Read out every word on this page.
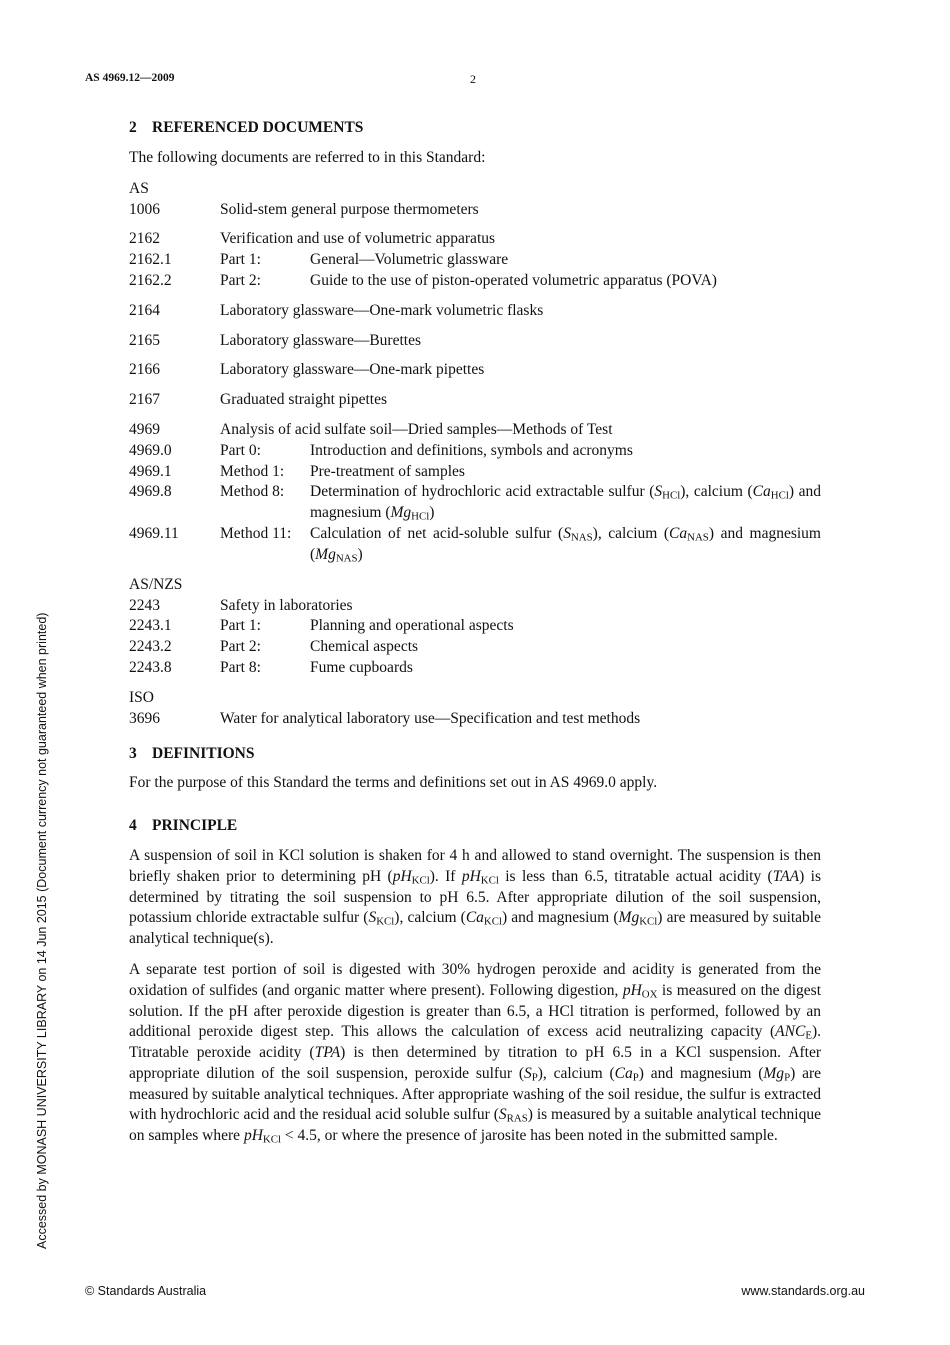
AS 4969.12—2009	2
2 REFERENCED DOCUMENTS
The following documents are referred to in this Standard:
AS
1006	Solid-stem general purpose thermometers
2162	Verification and use of volumetric apparatus
2162.1	Part 1:	General—Volumetric glassware
2162.2	Part 2:	Guide to the use of piston-operated volumetric apparatus (POVA)
2164	Laboratory glassware—One-mark volumetric flasks
2165	Laboratory glassware—Burettes
2166	Laboratory glassware—One-mark pipettes
2167	Graduated straight pipettes
4969	Analysis of acid sulfate soil—Dried samples—Methods of Test
4969.0	Part 0:	Introduction and definitions, symbols and acronyms
4969.1	Method 1:	Pre-treatment of samples
4969.8	Method 8:	Determination of hydrochloric acid extractable sulfur $(S_{HCl})$, calcium $(Ca_{HCl})$ and magnesium $(Mg_{HCl})$
4969.11	Method 11:	Calculation of net acid-soluble sulfur $(S_{NAS})$, calcium $(Ca_{NAS})$ and magnesium $(Mg_{NAS})$
AS/NZS
2243	Safety in laboratories
2243.1	Part 1:	Planning and operational aspects
2243.2	Part 2:	Chemical aspects
2243.8	Part 8:	Fume cupboards
ISO
3696	Water for analytical laboratory use—Specification and test methods
3 DEFINITIONS
For the purpose of this Standard the terms and definitions set out in AS 4969.0 apply.
4 PRINCIPLE
A suspension of soil in KCl solution is shaken for 4 h and allowed to stand overnight. The suspension is then briefly shaken prior to determining pH $(pH_{KCl})$. If $pH_{KCl}$ is less than 6.5, titratable actual acidity (TAA) is determined by titrating the soil suspension to pH 6.5. After appropriate dilution of the soil suspension, potassium chloride extractable sulfur $(S_{KCl})$, calcium $(Ca_{KCl})$ and magnesium $(Mg_{KCl})$ are measured by suitable analytical technique(s).
A separate test portion of soil is digested with 30% hydrogen peroxide and acidity is generated from the oxidation of sulfides (and organic matter where present). Following digestion, $pH_{OX}$ is measured on the digest solution. If the pH after peroxide digestion is greater than 6.5, a HCl titration is performed, followed by an additional peroxide digest step. This allows the calculation of excess acid neutralizing capacity $(ANC_E)$. Titratable peroxide acidity (TPA) is then determined by titration to pH 6.5 in a KCl suspension. After appropriate dilution of the soil suspension, peroxide sulfur $(S_P)$, calcium $(Ca_P)$ and magnesium $(Mg_P)$ are measured by suitable analytical techniques. After appropriate washing of the soil residue, the sulfur is extracted with hydrochloric acid and the residual acid soluble sulfur $(S_{RAS})$ is measured by a suitable analytical technique on samples where $pH_{KCl} < 4.5$, or where the presence of jarosite has been noted in the submitted sample.
Accessed by MONASH UNIVERSITY LIBRARY on 14 Jun 2015 (Document currency not guaranteed when printed)
© Standards Australia	www.standards.org.au
